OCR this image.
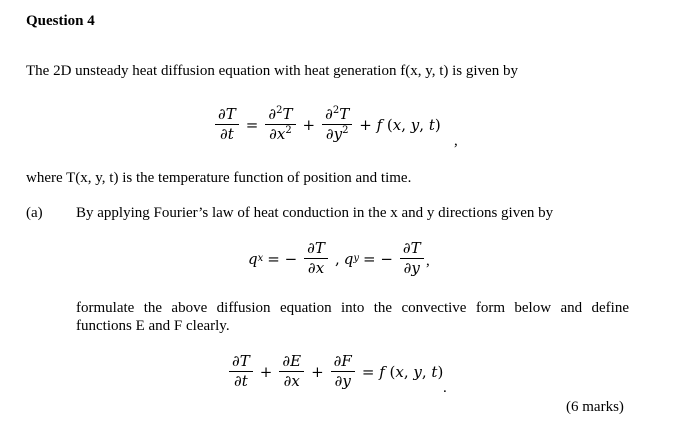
Question 4
The 2D unsteady heat diffusion equation with heat generation f(x, y, t) is given by
$\frac{\partial T}{\partial t} = \frac{\partial^2T}{\partial x^2} + \frac{\partial^2T}{\partial y^2} + f$ (x, y, t)
,
where T(x, y, t) is the temperature function of position and time.
(a) By applying Fourier’s law of heat conduction in the x and y directions given by
q x = − $\frac{\partial T}{\partial x}$ , q y = − $\frac{\partial T}{\partial y}$ ,
formulate the above diffusion equation into the convective form below and define
functions E and F clearly.
$\frac{\partial T}{\partial t} + \frac{\partial E}{\partial x} + \frac{\partial F}{\partial y} = f$ (x, y, t)
.
(6 marks)
